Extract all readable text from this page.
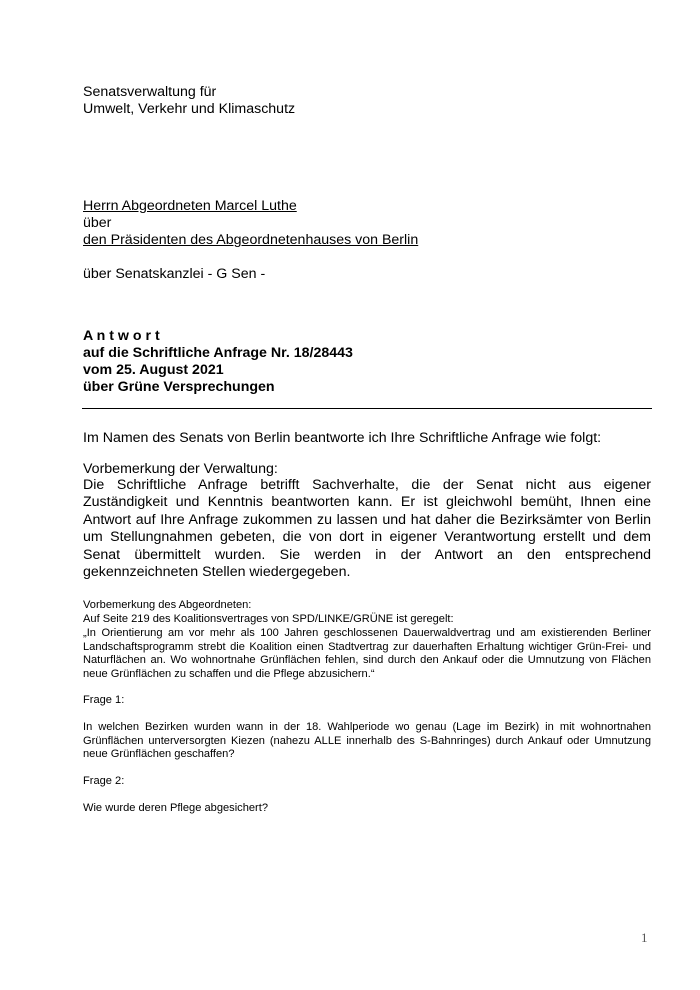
Senatsverwaltung für
Umwelt, Verkehr und Klimaschutz
Herrn Abgeordneten Marcel Luthe
über
den Präsidenten des Abgeordnetenhauses von Berlin
über Senatskanzlei - G Sen -
A n t w o r t
auf die Schriftliche Anfrage Nr. 18/28443
vom 25. August 2021
über Grüne Versprechungen
Im Namen des Senats von Berlin beantworte ich Ihre Schriftliche Anfrage wie folgt:
Vorbemerkung der Verwaltung:
Die Schriftliche Anfrage betrifft Sachverhalte, die der Senat nicht aus eigener Zuständigkeit und Kenntnis beantworten kann. Er ist gleichwohl bemüht, Ihnen eine Antwort auf Ihre Anfrage zukommen zu lassen und hat daher die Bezirksämter von Berlin um Stellungnahmen gebeten, die von dort in eigener Verantwortung erstellt und dem Senat übermittelt wurden. Sie werden in der Antwort an den entsprechend gekennzeichneten Stellen wiedergegeben.
Vorbemerkung des Abgeordneten:
Auf Seite 219 des Koalitionsvertrages von SPD/LINKE/GRÜNE ist geregelt:
„In Orientierung am vor mehr als 100 Jahren geschlossenen Dauerwaldvertrag und am existierenden Berliner Landschaftsprogramm strebt die Koalition einen Stadtvertrag zur dauerhaften Erhaltung wichtiger Grün-Frei- und Naturflächen an. Wo wohnortnahe Grünflächen fehlen, sind durch den Ankauf oder die Umnutzung von Flächen neue Grünflächen zu schaffen und die Pflege abzusichern.“
Frage 1:
In welchen Bezirken wurden wann in der 18. Wahlperiode wo genau (Lage im Bezirk) in mit wohnortnahen Grünflächen unterversorgten Kiezen (nahezu ALLE innerhalb des S-Bahnringes) durch Ankauf oder Umnutzung neue Grünflächen geschaffen?
Frage 2:
Wie wurde deren Pflege abgesichert?
1
